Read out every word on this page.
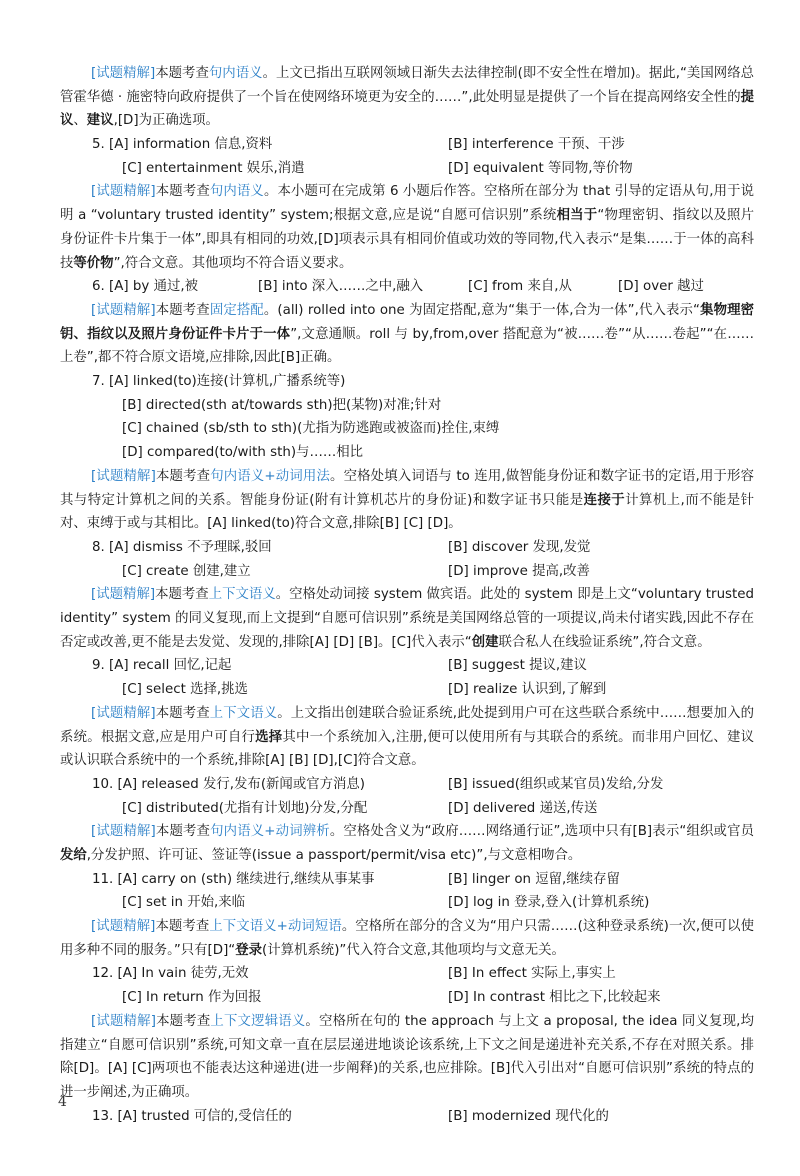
[试题精解]本题考查句内语义。上文已指出互联网领域日渐失去法律控制(即不安全性在增加)。据此,“美国网络总管霍华德 · 施密特向政府提供了一个旨在使网络环境更为安全的……”,此处明显是提供了一个旨在提高网络安全性的提议、建议,[D]为正确选项。

5. [A] information 信息,资料	[B] interference 干预、干涉
[C] entertainment 娱乐,消遣	[D] equivalent 等同物,等价物

[试题精解]本题考查句内语义。本小题可在完成第 6 小题后作答。空格所在部分为 that 引导的定语从句,用于说明 a “voluntary trusted identity” system;根据文意,应是说“自愿可信识别”系统相当于“物理密钥、指纹以及照片身份证件卡片集于一体”,即具有相同的功效,[D]项表示具有相同价值或功效的等同物,代入表示“是集……于一体的高科技等价物”,符合文意。其他项均不符合语义要求。

6. [A] by 通过,被	[B] into 深入……之中,融入	[C] from 来自,从	[D] over 越过

[试题精解]本题考查固定搭配。(all) rolled into one 为固定搭配,意为“集于一体,合为一体”,代入表示“集物理密钥、指纹以及照片身份证件卡片于一体”,文意通顺。roll 与 by,from,over 搭配意为“被……卷”“从……卷起”“在……上卷”,都不符合原文语境,应排除,因此[B]正确。

7. [A] linked(to)连接(计算机,广播系统等)
[B] directed(sth at/towards sth)把(某物)对准;针对
[C] chained (sb/sth to sth)(尤指为防逃跑或被盗而)拴住,束缚
[D] compared(to/with sth)与……相比

[试题精解]本题考查句内语义+动词用法。空格处填入词语与 to 连用,做智能身份证和数字证书的定语,用于形容其与特定计算机之间的关系。智能身份证(附有计算机芯片的身份证)和数字证书只能是连接于计算机上,而不能是针对、束缚于或与其相比。[A] linked(to)符合文意,排除[B] [C] [D]。

8. [A] dismiss 不予理睬,驳回	[B] discover 发现,发觉
[C] create 创建,建立	[D] improve 提高,改善

[试题精解]本题考查上下文语义。空格处动词接 system 做宾语。此处的 system 即是上文“voluntary trusted identity” system 的同义复现,而上文提到“自愿可信识别”系统是美国网络总管的一项提议,尚未付诸实践,因此不存在否定或改善,更不能是去发觉、发现的,排除[A] [D] [B]。[C]代入表示“创建联合私人在线验证系统”,符合文意。

9. [A] recall 回忆,记起	[B] suggest 提议,建议
[C] select 选择,挑选	[D] realize 认识到,了解到

[试题精解]本题考查上下文语义。上文指出创建联合验证系统,此处提到用户可在这些联合系统中……想要加入的系统。根据文意,应是用户可自行选择其中一个系统加入,注册,便可以使用所有与其联合的系统。而非用户回忆、建议或认识联合系统中的一个系统,排除[A] [B] [D],[C]符合文意。

10. [A] released 发行,发布(新闻或官方消息)	[B] issued(组织或某官员)发给,分发
[C] distributed(尤指有计划地)分发,分配	[D] delivered 递送,传送

[试题精解]本题考查句内语义+动词辨析。空格处含义为“政府……网络通行证”,选项中只有[B]表示“组织或官员发给,分发护照、许可证、签证等(issue a passport/permit/visa etc)”,与文意相吻合。

11. [A] carry on (sth) 继续进行,继续从事某事	[B] linger on 逗留,继续存留
[C] set in 开始,来临	[D] log in 登录,登入(计算机系统)

[试题精解]本题考查上下文语义+动词短语。空格所在部分的含义为“用户只需……(这种登录系统)一次,便可以使用多种不同的服务。”只有[D]“登录(计算机系统)”代入符合文意,其他项均与文意无关。

12. [A] In vain 徒劳,无效	[B] In effect 实际上,事实上
[C] In return 作为回报	[D] In contrast 相比之下,比较起来

[试题精解]本题考查上下文逻辑语义。空格所在句的 the approach 与上文 a proposal, the idea 同义复现,均指建立“自愿可信识别”系统,可知文章一直在层层递进地谈论该系统,上下文之间是递进补充关系,不存在对照关系。排除[D]。[A] [C]两项也不能表达这种递进(进一步阐释)的关系,也应排除。[B]代入引出对“自愿可信识别”系统的特点的进一步阐述,为正确项。

13. [A] trusted 可信的,受信任的	[B] modernized 现代化的
4
